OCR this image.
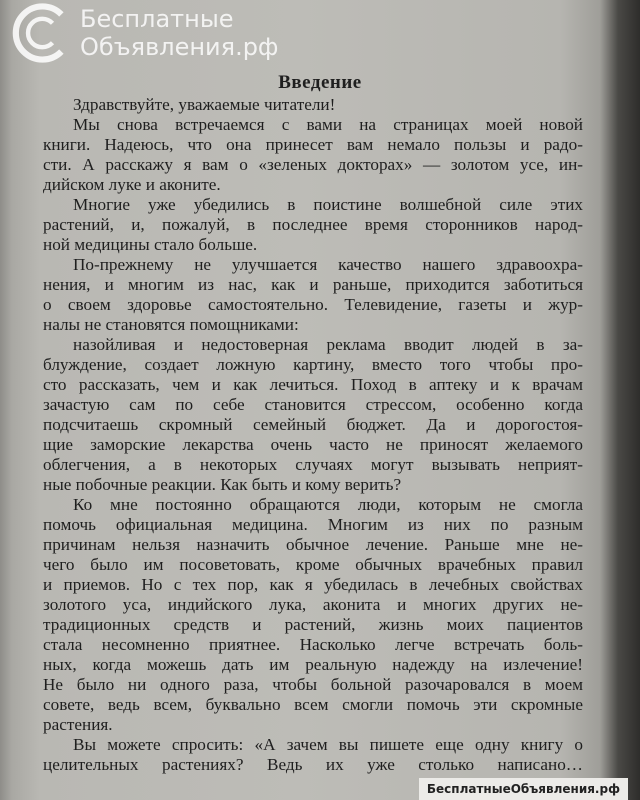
Введение
Здравствуйте, уважаемые читатели!
Мы снова встречаемся с вами на страницах моей новой
книги. Надеюсь, что она принесет вам немало пользы и радо-
сти. А расскажу я вам о «зеленых докторах» — золотом усе, ин-
дийском луке и аконите.
Многие уже убедились в поистине волшебной силе этих
растений, и, пожалуй, в последнее время сторонников народ-
ной медицины стало больше.
По-прежнему не улучшается качество нашего здравоохра-
нения, и многим из нас, как и раньше, приходится заботиться
о своем здоровье самостоятельно. Телевидение, газеты и жур-
налы не становятся помощниками:
назойливая и недостоверная реклама вводит людей в за-
блуждение, создает ложную картину, вместо того чтобы про-
сто рассказать, чем и как лечиться. Поход в аптеку и к врачам
зачастую сам по себе становится стрессом, особенно когда
подсчитаешь скромный семейный бюджет. Да и дорогостоя-
щие заморские лекарства очень часто не приносят желаемого
облегчения, а в некоторых случаях могут вызывать неприят-
ные побочные реакции. Как быть и кому верить?
Ко мне постоянно обращаются люди, которым не смогла
помочь официальная медицина. Многим из них по разным
причинам нельзя назначить обычное лечение. Раньше мне не-
чего было им посоветовать, кроме обычных врачебных правил
и приемов. Но с тех пор, как я убедилась в лечебных свойствах
золотого уса, индийского лука, аконита и многих других не-
традиционных средств и растений, жизнь моих пациентов
стала несомненно приятнее. Насколько легче встречать боль-
ных, когда можешь дать им реальную надежду на излечение!
Не было ни одного раза, чтобы больной разочаровался в моем
совете, ведь всем, буквально всем смогли помочь эти скромные
растения.
Вы можете спросить: «А зачем вы пишете еще одну книгу о
целительных растениях? Ведь их уже столько написано…
Бесплатные
Объявления.рф
БесплатныеОбъявления.рф
